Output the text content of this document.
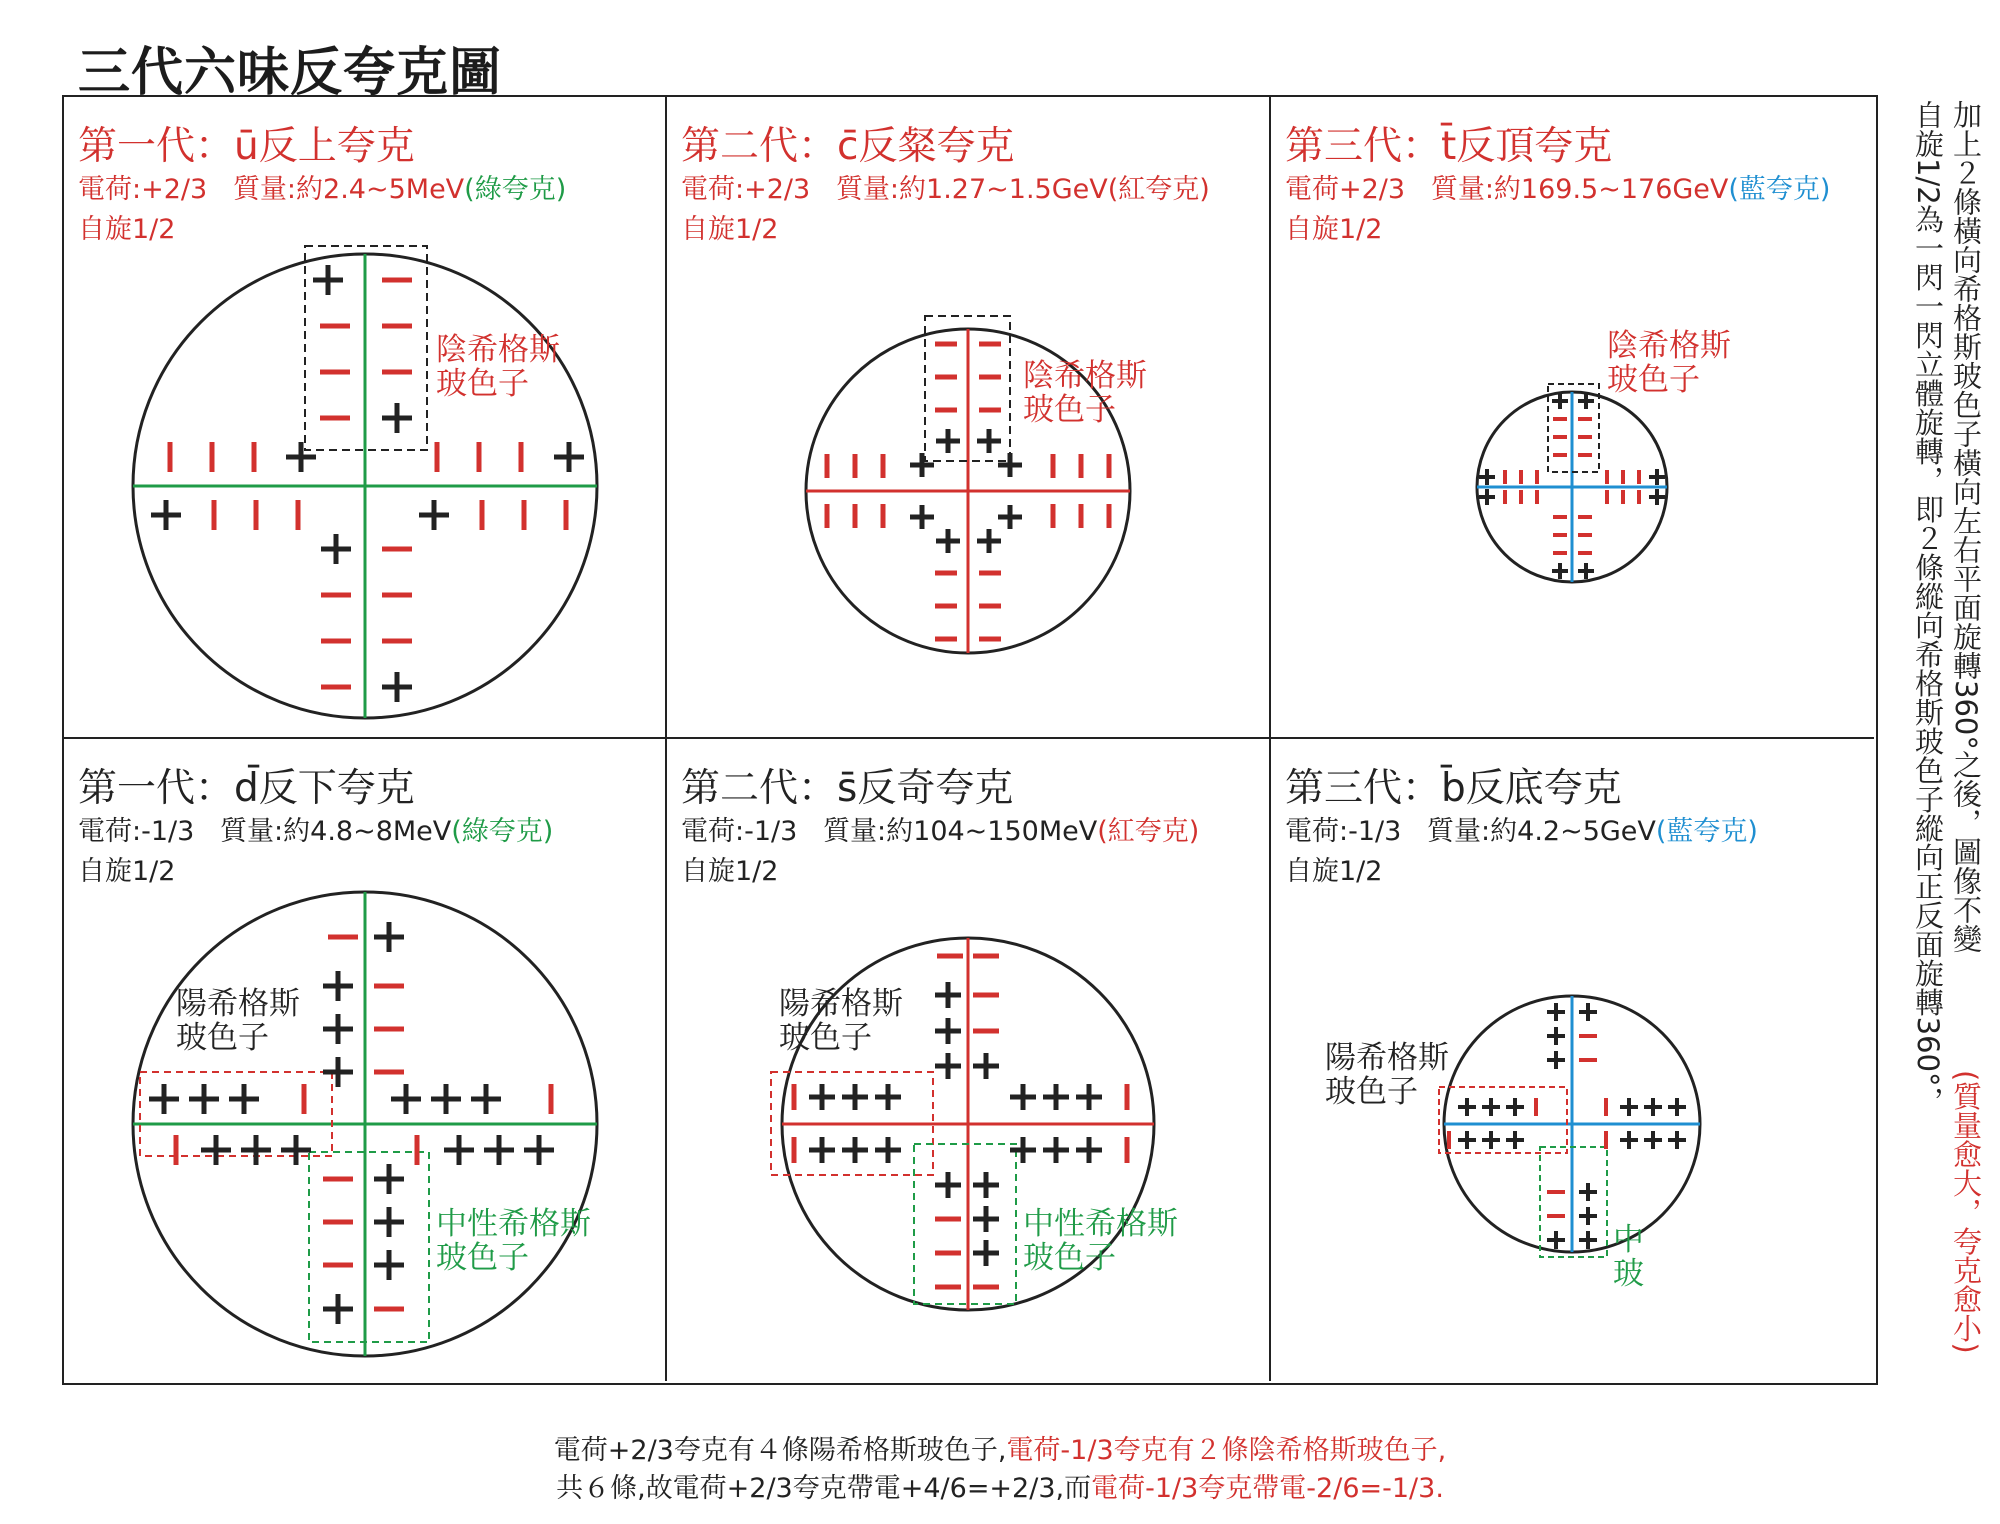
三代六味反夸克圖
第一代：ū反上夸克
電荷:+2/3 質量:約2.4~5MeV(綠夸克)
自旋1/2
陰希格斯
玻色子
第二代：c̄反粲夸克
電荷:+2/3 質量:約1.27~1.5GeV(紅夸克)
自旋1/2
陰希格斯
玻色子
第三代：t̄反頂夸克
電荷+2/3 質量:約169.5~176GeV(藍夸克)
自旋1/2
陰希格斯
玻色子
第一代：d̄反下夸克
電荷:-1/3 質量:約4.8~8MeV(綠夸克)
自旋1/2
陽希格斯
玻色子
中性希格斯
玻色子
第二代：s̄反奇夸克
電荷:-1/3 質量:約104~150MeV(紅夸克)
自旋1/2
陽希格斯
玻色子
中性希格斯
玻色子
第三代：b̄反底夸克
電荷:-1/3 質量:約4.2~5GeV(藍夸克)
自旋1/2
陽希格斯
玻色子
中
玻
加上２條橫向希格斯玻色子橫向左右平面旋轉360°之後，圖像不變
自旋1/2為一閃一閃立體旋轉，即２條縱向希格斯玻色子縱向正反面旋轉360°，
(質量愈大，夸克愈小)
電荷+2/3夸克有４條陽希格斯玻色子,電荷-1/3夸克有２條陰希格斯玻色子,
共６條,故電荷+2/3夸克帶電+4/6=+2/3,而電荷-1/3夸克帶電-2/6=-1/3.
